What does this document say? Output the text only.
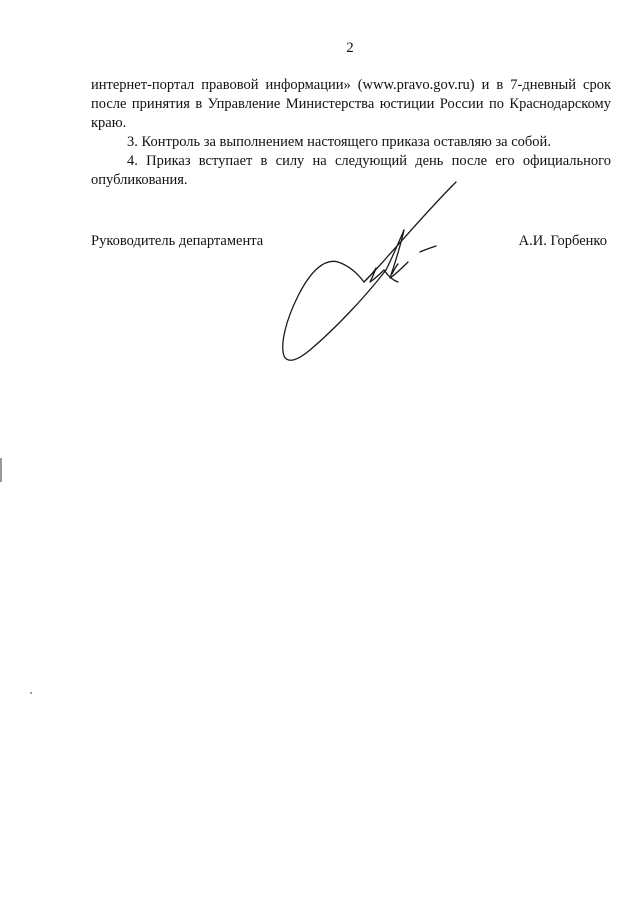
2

интернет-портал правовой информации» (www.pravo.gov.ru) и в 7-дневный срок после принятия в Управление Министерства юстиции России по Краснодарскому краю.

3. Контроль за выполнением настоящего приказа оставляю за собой.

4. Приказ вступает в силу на следующий день после его официального опубликования.

Руководитель департамента	А.И. Горбенко
